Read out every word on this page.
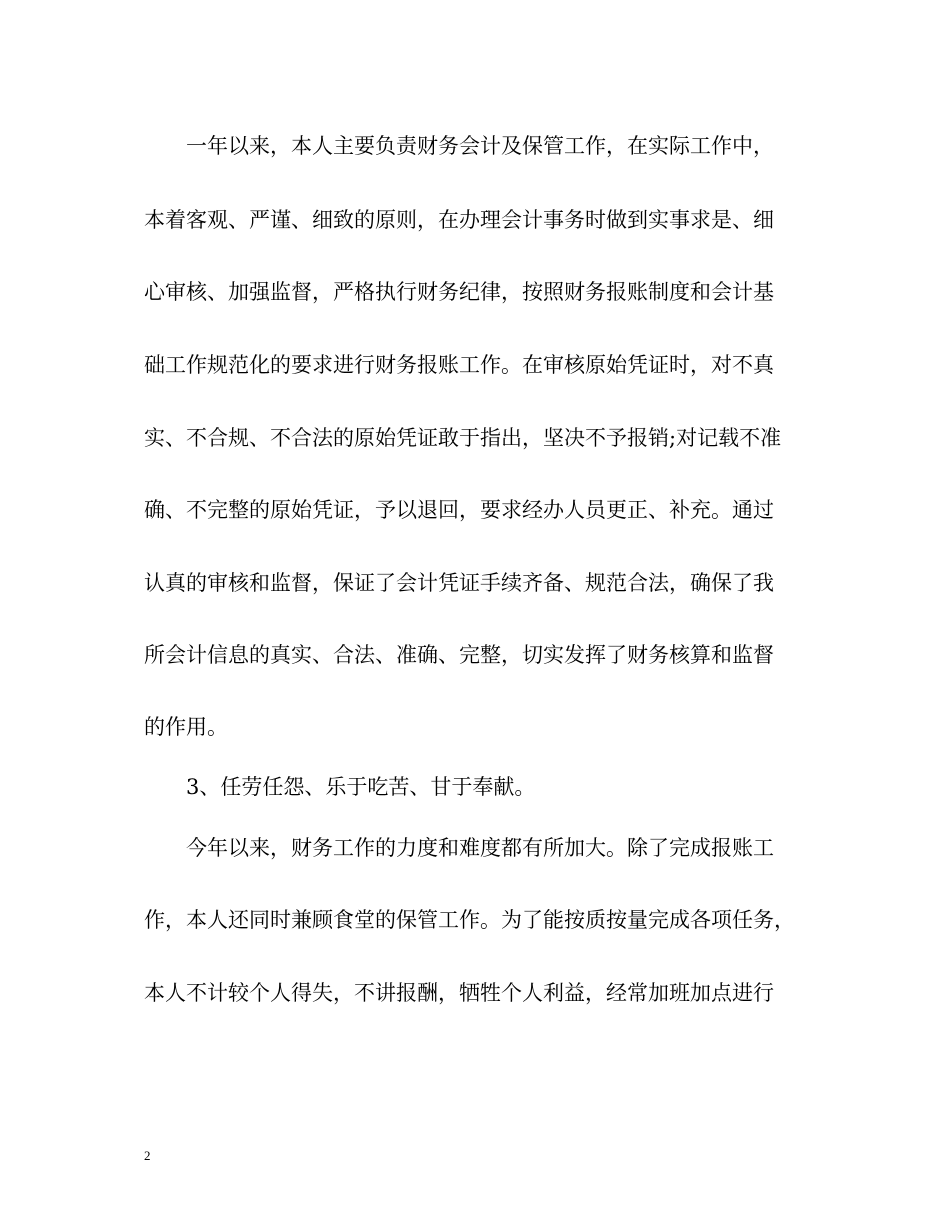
一年以来，本人主要负责财务会计及保管工作，在实际工作中，
本着客观、严谨、细致的原则，在办理会计事务时做到实事求是、细
心审核、加强监督，严格执行财务纪律，按照财务报账制度和会计基
础工作规范化的要求进行财务报账工作。在审核原始凭证时，对不真
实、不合规、不合法的原始凭证敢于指出，坚决不予报销;对记载不准
确、不完整的原始凭证，予以退回，要求经办人员更正、补充。通过
认真的审核和监督，保证了会计凭证手续齐备、规范合法，确保了我
所会计信息的真实、合法、准确、完整，切实发挥了财务核算和监督
的作用。
3、任劳任怨、乐于吃苦、甘于奉献。
今年以来，财务工作的力度和难度都有所加大。除了完成报账工
作，本人还同时兼顾食堂的保管工作。为了能按质按量完成各项任务，
本人不计较个人得失，不讲报酬，牺牲个人利益，经常加班加点进行
2
